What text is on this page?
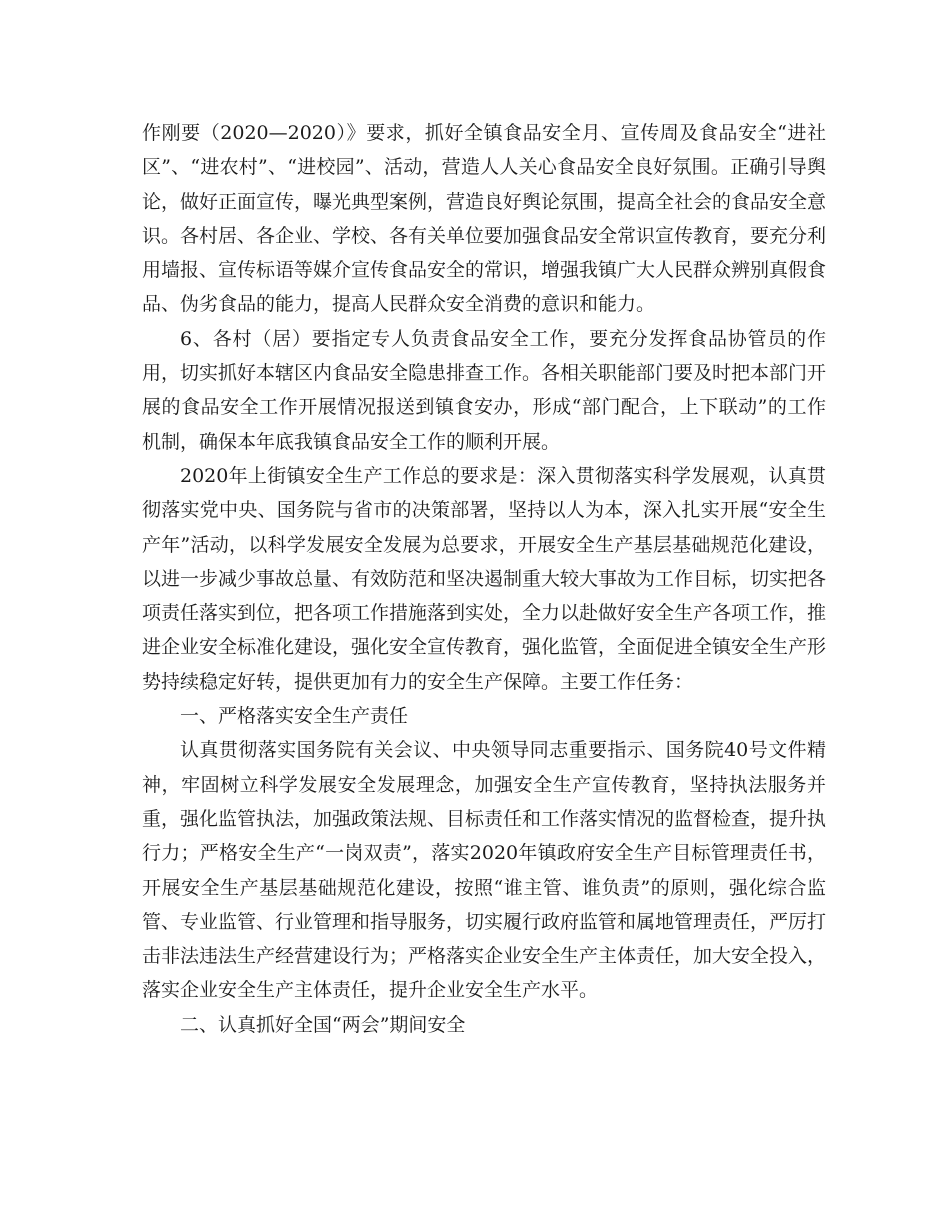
作刚要（2020—2020）》要求，抓好全镇食品安全月、宣传周及食品安全“进社区”、“进农村”、“进校园”、活动，营造人人关心食品安全良好氛围。正确引导舆论，做好正面宣传，曝光典型案例，营造良好舆论氛围，提高全社会的食品安全意识。各村居、各企业、学校、各有关单位要加强食品安全常识宣传教育，要充分利用墙报、宣传标语等媒介宣传食品安全的常识，增强我镇广大人民群众辨别真假食品、伪劣食品的能力，提高人民群众安全消费的意识和能力。

6、各村（居）要指定专人负责食品安全工作，要充分发挥食品协管员的作用，切实抓好本辖区内食品安全隐患排查工作。各相关职能部门要及时把本部门开展的食品安全工作开展情况报送到镇食安办，形成“部门配合，上下联动”的工作机制，确保本年底我镇食品安全工作的顺利开展。

2020年上街镇安全生产工作总的要求是：深入贯彻落实科学发展观，认真贯彻落实党中央、国务院与省市的决策部署，坚持以人为本，深入扎实开展“安全生产年”活动，以科学发展安全发展为总要求，开展安全生产基层基础规范化建设，以进一步减少事故总量、有效防范和坚决遏制重大较大事故为工作目标，切实把各项责任落实到位，把各项工作措施落到实处，全力以赴做好安全生产各项工作，推进企业安全标准化建设，强化安全宣传教育，强化监管，全面促进全镇安全生产形势持续稳定好转，提供更加有力的安全生产保障。主要工作任务：

一、严格落实安全生产责任

认真贯彻落实国务院有关会议、中央领导同志重要指示、国务院40号文件精神，牢固树立科学发展安全发展理念，加强安全生产宣传教育，坚持执法服务并重，强化监管执法，加强政策法规、目标责任和工作落实情况的监督检查，提升执行力；严格安全生产“一岗双责”，落实2020年镇政府安全生产目标管理责任书，开展安全生产基层基础规范化建设，按照“谁主管、谁负责”的原则，强化综合监管、专业监管、行业管理和指导服务，切实履行政府监管和属地管理责任，严厉打击非法违法生产经营建设行为；严格落实企业安全生产主体责任，加大安全投入，落实企业安全生产主体责任，提升企业安全生产水平。

二、认真抓好全国“两会”期间安全
